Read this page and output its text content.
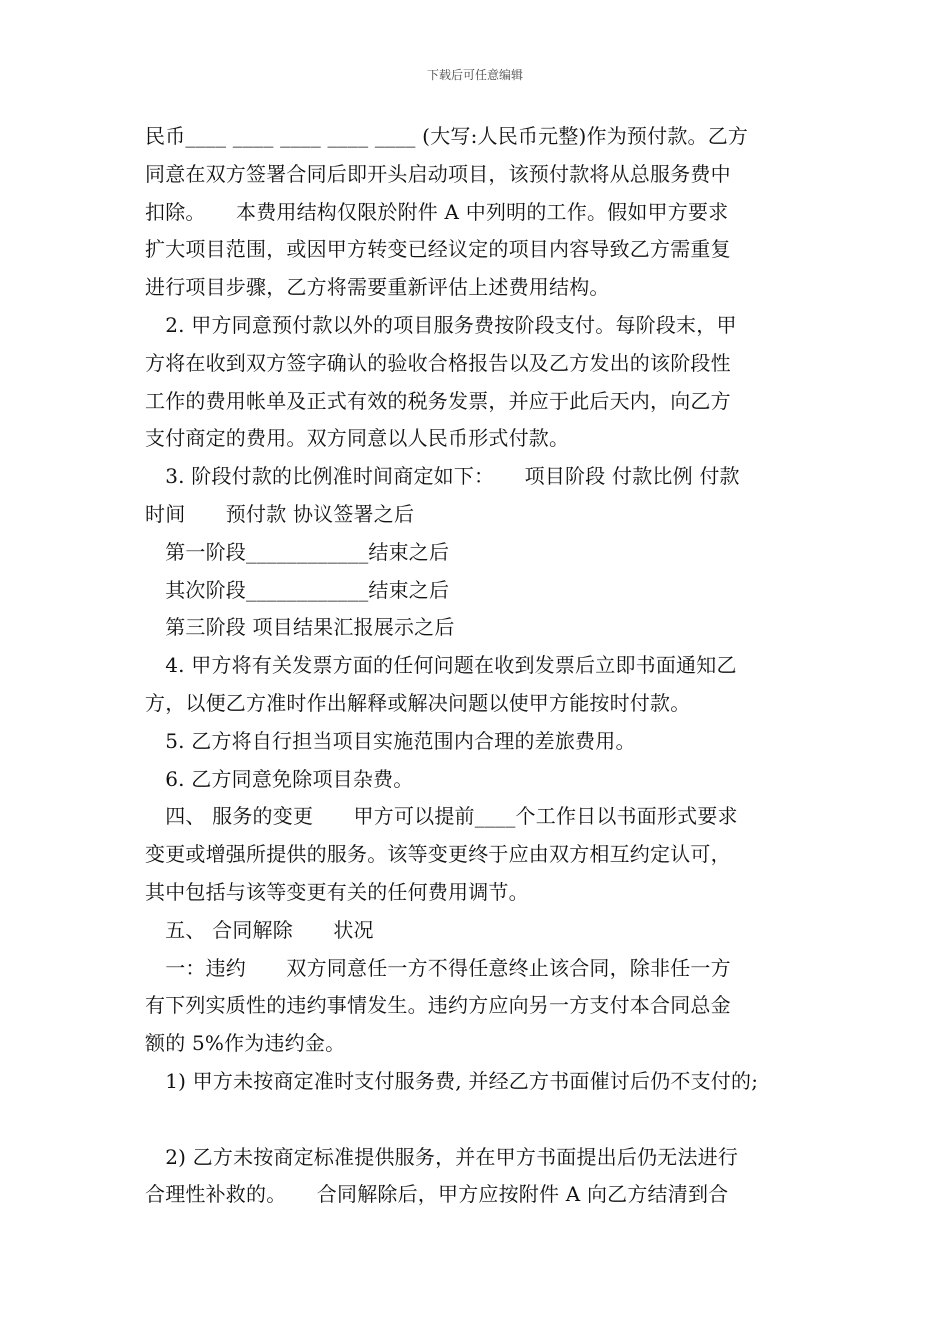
下载后可任意编辑
民币____ ____ ____ ____ ____ (大写:人民币元整)作为预付款。乙方
同意在双方签署合同后即开头启动项目，该预付款将从总服务费中
扣除。　　本费用结构仅限於附件 A 中列明的工作。假如甲方要求
扩大项目范围，或因甲方转变已经议定的项目内容导致乙方需重复
进行项目步骤，乙方将需要重新评估上述费用结构。
　2. 甲方同意预付款以外的项目服务费按阶段支付。每阶段末，甲
方将在收到双方签字确认的验收合格报告以及乙方发出的该阶段性
工作的费用帐单及正式有效的税务发票，并应于此后天内，向乙方
支付商定的费用。双方同意以人民币形式付款。
　3. 阶段付款的比例准时间商定如下：　　项目阶段 付款比例 付款
时间　　预付款 协议签署之后
　第一阶段____________结束之后
　其次阶段____________结束之后
　第三阶段 项目结果汇报展示之后
　4. 甲方将有关发票方面的任何问题在收到发票后立即书面通知乙
方，以便乙方准时作出解释或解决问题以使甲方能按时付款。
　5. 乙方将自行担当项目实施范围内合理的差旅费用。
　6. 乙方同意免除项目杂费。
　四、 服务的变更　　甲方可以提前____个工作日以书面形式要求
变更或增强所提供的服务。该等变更终于应由双方相互约定认可，
其中包括与该等变更有关的任何费用调节。
　五、 合同解除　　状况
　一：违约　　双方同意任一方不得任意终止该合同，除非任一方
有下列实质性的违约事情发生。违约方应向另一方支付本合同总金
额的 5%作为违约金。
　1) 甲方未按商定准时支付服务费, 并经乙方书面催讨后仍不支付的;
　2) 乙方未按商定标准提供服务，并在甲方书面提出后仍无法进行
合理性补救的。　　合同解除后，甲方应按附件 A 向乙方结清到合
